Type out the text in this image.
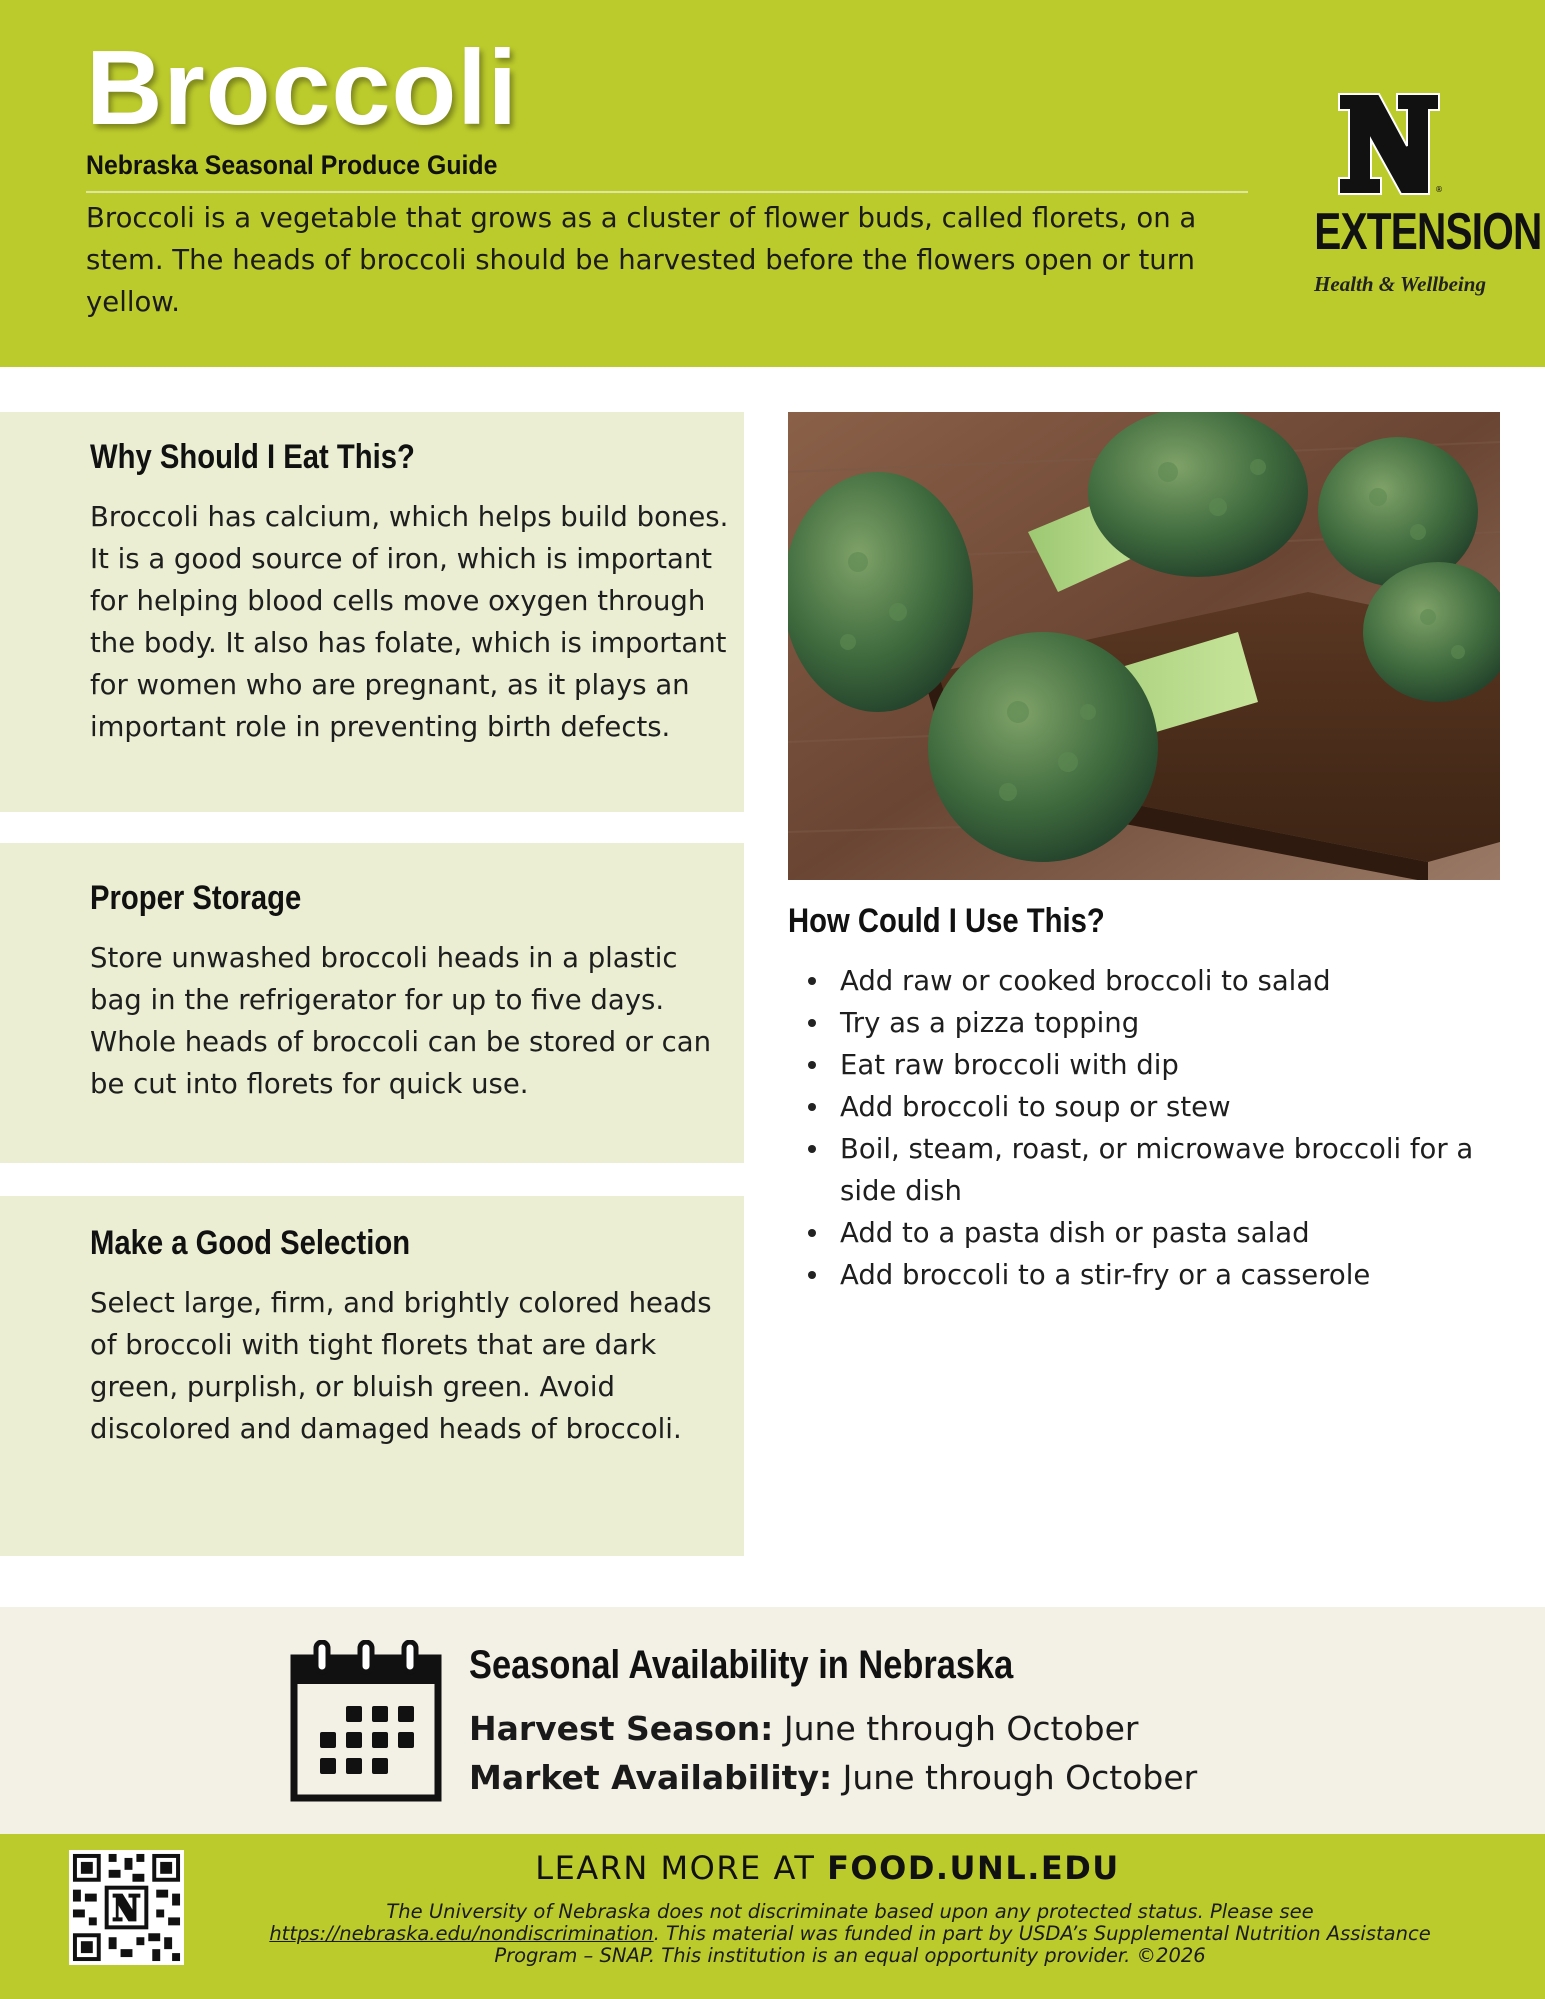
Broccoli
Nebraska Seasonal Produce Guide
Broccoli is a vegetable that grows as a cluster of flower buds, called florets, on a stem. The heads of broccoli should be harvested before the flowers open or turn yellow.
®
EXTENSION
Health & Wellbeing
Why Should I Eat This?

Broccoli has calcium, which helps build bones. It is a good source of iron, which is important for helping blood cells move oxygen through the body. It also has folate, which is important for women who are pregnant, as it plays an important role in preventing birth defects.

Proper Storage

Store unwashed broccoli heads in a plastic bag in the refrigerator for up to five days. Whole heads of broccoli can be stored or can be cut into florets for quick use.

Make a Good Selection

Select large, firm, and brightly colored heads of broccoli with tight florets that are dark green, purplish, or bluish green. Avoid discolored and damaged heads of broccoli.

How Could I Use This?
Add raw or cooked broccoli to salad
Try as a pizza topping
Eat raw broccoli with dip
Add broccoli to soup or stew
Boil, steam, roast, or microwave broccoli for a side dish
Add to a pasta dish or pasta salad
Add broccoli to a stir-fry or a casserole
Seasonal Availability in Nebraska
Harvest Season: June through October
Market Availability: June through October
LEARN MORE AT FOOD.UNL.EDU
The University of Nebraska does not discriminate based upon any protected status. Please see https://nebraska.edu/nondiscrimination. This material was funded in part by USDA’s Supplemental Nutrition Assistance Program – SNAP. This institution is an equal opportunity provider. ©2026
